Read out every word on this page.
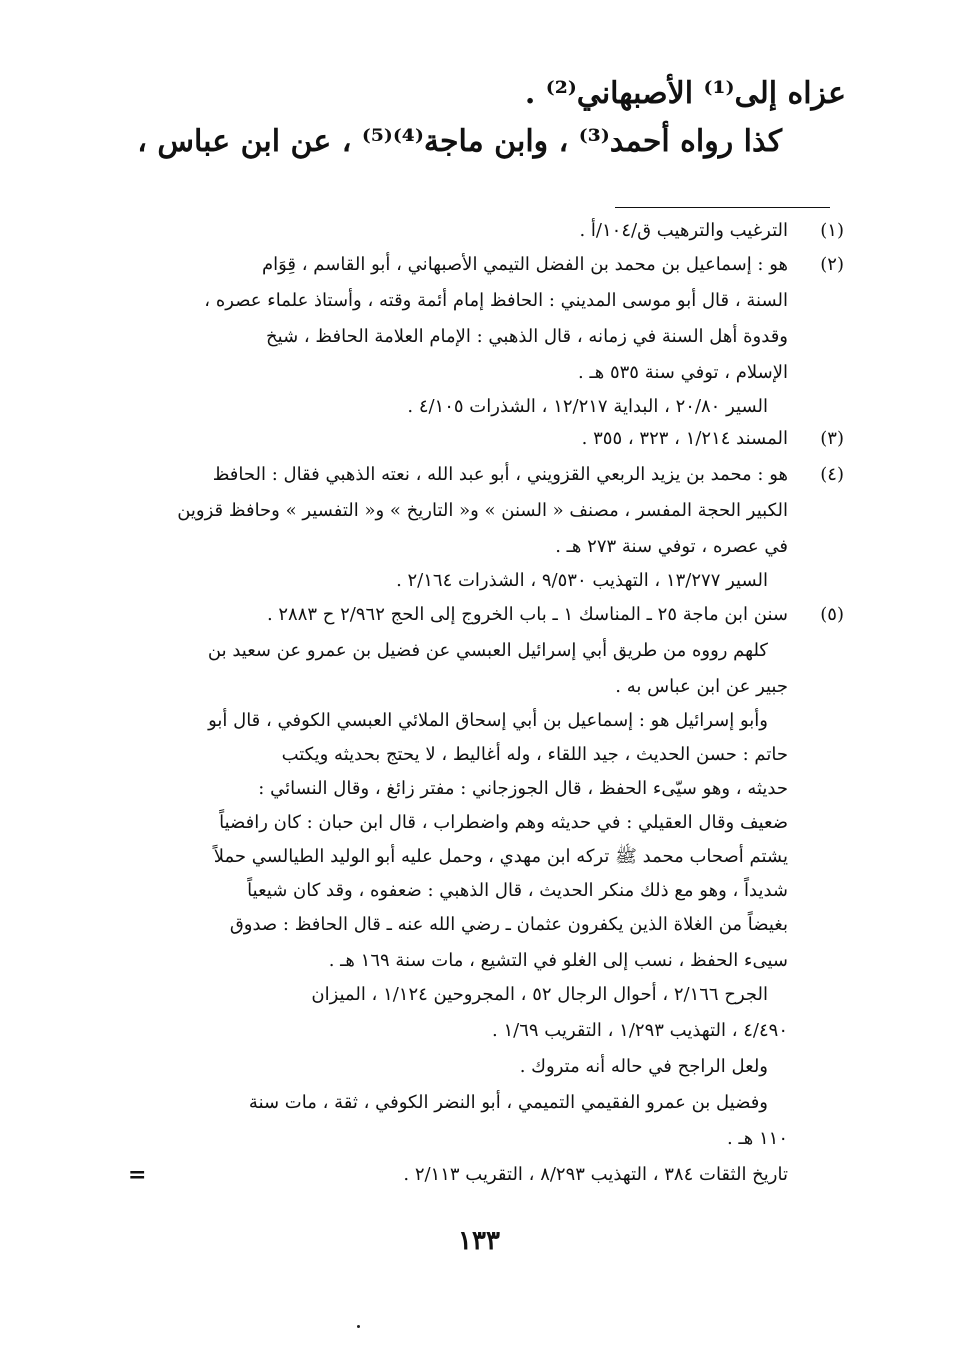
عزاه إلى⁽¹⁾ الأصبهاني⁽²⁾ .
كذا رواه أحمد⁽³⁾ ، وابن ماجة⁽⁴⁾⁽⁵⁾ ، عن ابن عباس ،
(١)
الترغيب والترهيب ق/١٠٤/أ .
(٢)
هو : إسماعيل بن محمد بن الفضل التيمي الأصبهاني ، أبو القاسم ، قِوَام
السنة ، قال أبو موسى المديني : الحافظ إمام أئمة وقته ، وأستاذ علماء عصره ،
وقدوة أهل السنة في زمانه ، قال الذهبي : الإمام العلامة الحافظ ، شيخ
الإسلام ، توفي سنة ٥٣٥ هـ .
السير ٢٠/٨٠ ، البداية ١٢/٢١٧ ، الشذرات ٤/١٠٥ .
(٣)
المسند ١/٢١٤ ، ٣٢٣ ، ٣٥٥ .
(٤)
هو : محمد بن يزيد الربعي القزويني ، أبو عبد الله ، نعته الذهبي فقال : الحافظ
الكبير الحجة المفسر ، مصنف « السنن » و« التاريخ » و« التفسير » وحافظ قزوين
في عصره ، توفي سنة ٢٧٣ هـ .
السير ١٣/٢٧٧ ، التهذيب ٩/٥٣٠ ، الشذرات ٢/١٦٤ .
(٥)
سنن ابن ماجة ٢٥ ـ المناسك ١ ـ باب الخروج إلى الحج ٢/٩٦٢ ح ٢٨٨٣ .
كلهم رووه من طريق أبي إسرائيل العبسي عن فضيل بن عمرو عن سعيد بن
جبير عن ابن عباس به .
وأبو إسرائيل هو : إسماعيل بن أبي إسحاق الملائي العبسي الكوفي ، قال أبو
حاتم : حسن الحديث ، جيد اللقاء ، وله أغاليط ، لا يحتج بحديثه ويكتب
حديثه ، وهو سيّىء الحفظ ، قال الجوزجاني : مفتر زائغ ، وقال النسائي :
ضعيف وقال العقيلي : في حديثه وهم واضطراب ، قال ابن حبان : كان رافضياً
يشتم أصحاب محمد ﷺ تركه ابن مهدي ، وحمل عليه أبو الوليد الطيالسي حملاً
شديداً ، وهو مع ذلك منكر الحديث ، قال الذهبي : ضعفوه ، وقد كان شيعياً
بغيضاً من الغلاة الذين يكفرون عثمان ـ رضي الله عنه ـ قال الحافظ : صدوق
سيىء الحفظ ، نسب إلى الغلو في التشيع ، مات سنة ١٦٩ هـ .
الجرح ٢/١٦٦ ، أحوال الرجال ٥٢ ، المجروحين ١/١٢٤ ، الميزان
٤/٤٩٠ ، التهذيب ١/٢٩٣ ، التقريب ١/٦٩ .
ولعل الراجح في حاله أنه متروك .
وفضيل بن عمرو الفقيمي التميمي ، أبو النضر الكوفي ، ثقة ، مات سنة
١١٠ هـ .
تاريخ الثقات ٣٨٤ ، التهذيب ٨/٢٩٣ ، التقريب ٢/١١٣ .
=
١٣٣
